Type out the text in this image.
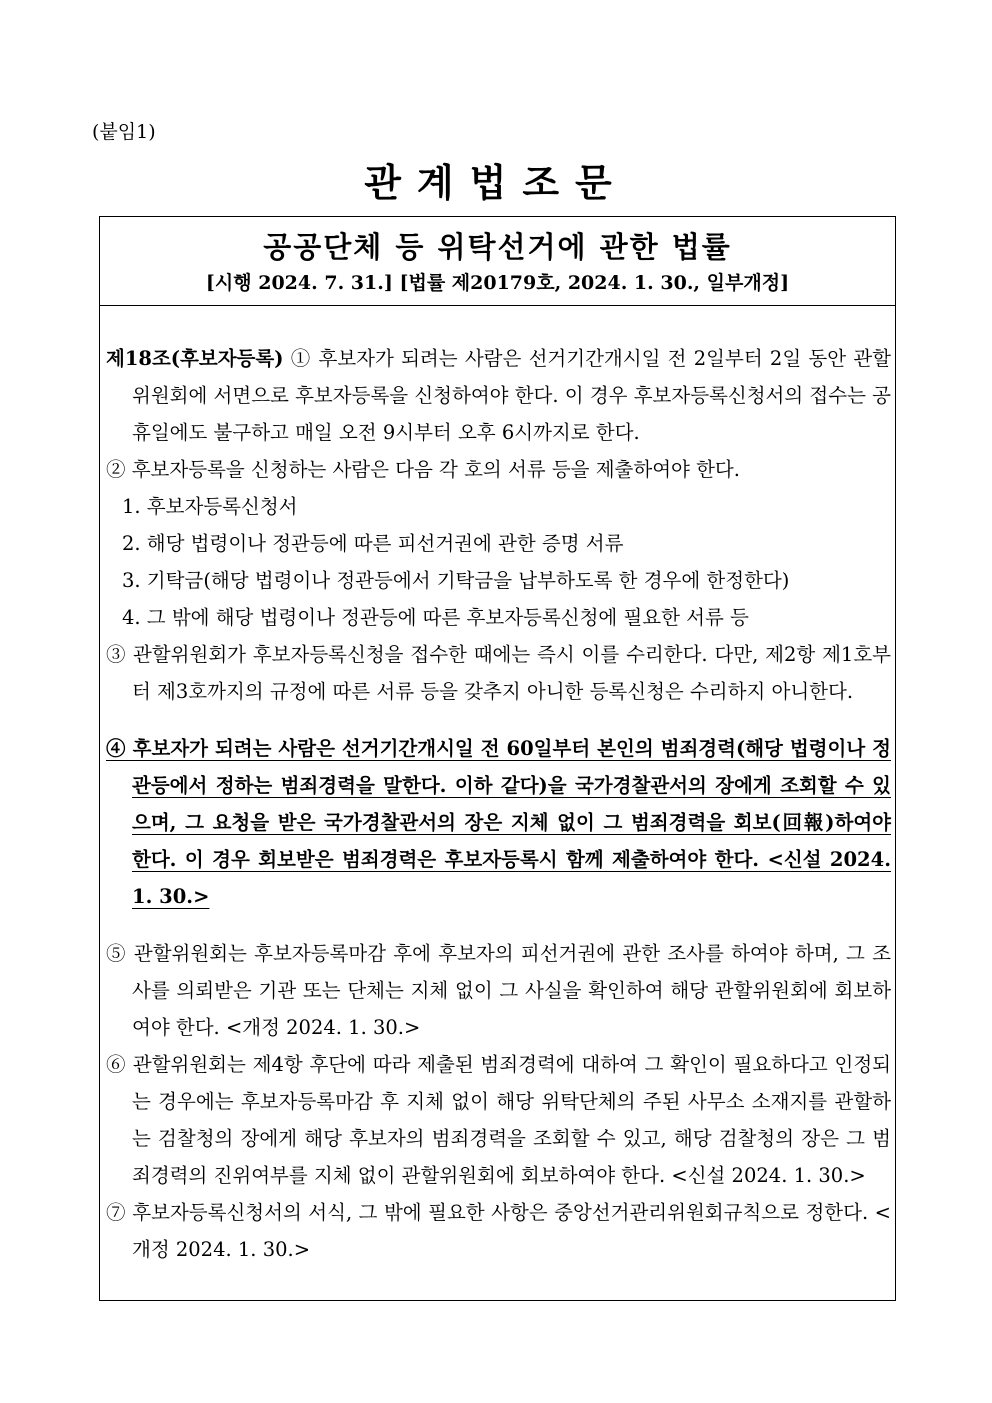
(붙임1)
관계법조문
공공단체 등 위탁선거에 관한 법률
[시행 2024. 7. 31.] [법률 제20179호, 2024. 1. 30., 일부개정]
제18조(후보자등록) ① 후보자가 되려는 사람은 선거기간개시일 전 2일부터 2일 동안 관할위원회에 서면으로 후보자등록을 신청하여야 한다. 이 경우 후보자등록신청서의 접수는 공휴일에도 불구하고 매일 오전 9시부터 오후 6시까지로 한다.
② 후보자등록을 신청하는 사람은 다음 각 호의 서류 등을 제출하여야 한다.
1. 후보자등록신청서
2. 해당 법령이나 정관등에 따른 피선거권에 관한 증명 서류
3. 기탁금(해당 법령이나 정관등에서 기탁금을 납부하도록 한 경우에 한정한다)
4. 그 밖에 해당 법령이나 정관등에 따른 후보자등록신청에 필요한 서류 등
③ 관할위원회가 후보자등록신청을 접수한 때에는 즉시 이를 수리한다. 다만, 제2항 제1호부터 제3호까지의 규정에 따른 서류 등을 갖추지 아니한 등록신청은 수리하지 아니한다.
④ 후보자가 되려는 사람은 선거기간개시일 전 60일부터 본인의 범죄경력(해당 법령이나 정관등에서 정하는 범죄경력을 말한다. 이하 같다)을 국가경찰관서의 장에게 조회할 수 있으며, 그 요청을 받은 국가경찰관서의 장은 지체 없이 그 범죄경력을 회보(回報)하여야 한다. 이 경우 회보받은 범죄경력은 후보자등록시 함께 제출하여야 한다. <신설 2024. 1. 30.>
⑤ 관할위원회는 후보자등록마감 후에 후보자의 피선거권에 관한 조사를 하여야 하며, 그 조사를 의뢰받은 기관 또는 단체는 지체 없이 그 사실을 확인하여 해당 관할위원회에 회보하여야 한다. <개정 2024. 1. 30.>
⑥ 관할위원회는 제4항 후단에 따라 제출된 범죄경력에 대하여 그 확인이 필요하다고 인정되는 경우에는 후보자등록마감 후 지체 없이 해당 위탁단체의 주된 사무소 소재지를 관할하는 검찰청의 장에게 해당 후보자의 범죄경력을 조회할 수 있고, 해당 검찰청의 장은 그 범죄경력의 진위여부를 지체 없이 관할위원회에 회보하여야 한다. <신설 2024. 1. 30.>
⑦ 후보자등록신청서의 서식, 그 밖에 필요한 사항은 중앙선거관리위원회규칙으로 정한다. <개정 2024. 1. 30.>
